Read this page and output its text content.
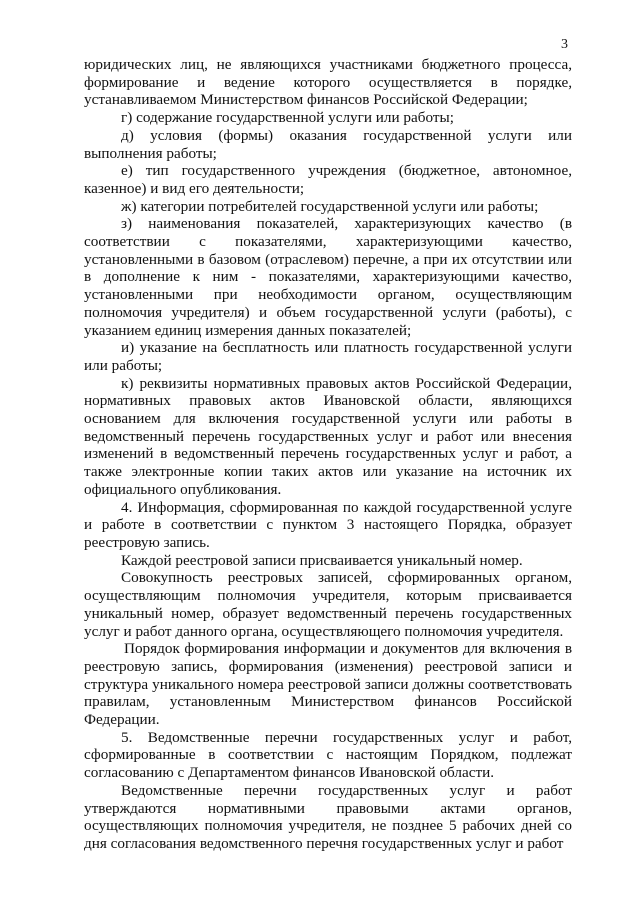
3

юридических лиц, не являющихся участниками бюджетного процесса, формирование и ведение которого осуществляется в порядке, устанавливаемом Министерством финансов Российской Федерации;

г) содержание государственной услуги или работы;

д) условия (формы) оказания государственной услуги или выполнения работы;

е) тип государственного учреждения (бюджетное, автономное, казенное) и вид его деятельности;

ж) категории потребителей государственной услуги или работы;

з) наименования показателей, характеризующих качество (в соответствии с показателями, характеризующими качество, установленными в базовом (отраслевом) перечне, а при их отсутствии или в дополнение к ним - показателями, характеризующими качество, установленными при необходимости органом, осуществляющим полномочия учредителя) и объем государственной услуги (работы), с указанием единиц измерения данных показателей;

и) указание на бесплатность или платность государственной услуги или работы;

к) реквизиты нормативных правовых актов Российской Федерации, нормативных правовых актов Ивановской области, являющихся основанием для включения государственной услуги или работы в ведомственный перечень государственных услуг и работ или внесения изменений в ведомственный перечень государственных услуг и работ, а также электронные копии таких актов или указание на источник их официального опубликования.

4. Информация, сформированная по каждой государственной услуге и работе в соответствии с пунктом 3 настоящего Порядка, образует реестровую запись.

Каждой реестровой записи присваивается уникальный номер.

Совокупность реестровых записей, сформированных органом, осуществляющим полномочия учредителя, которым присваивается уникальный номер, образует ведомственный перечень государственных услуг и работ данного органа, осуществляющего полномочия учредителя.

Порядок формирования информации и документов для включения в реестровую запись, формирования (изменения) реестровой записи и структура уникального номера реестровой записи должны соответствовать правилам, установленным Министерством финансов Российской Федерации.

5. Ведомственные перечни государственных услуг и работ, сформированные в соответствии с настоящим Порядком, подлежат согласованию с Департаментом финансов Ивановской области.

Ведомственные перечни государственных услуг и работ утверждаются нормативными правовыми актами органов, осуществляющих полномочия учредителя, не позднее 5 рабочих дней со дня согласования ведомственного перечня государственных услуг и работ
